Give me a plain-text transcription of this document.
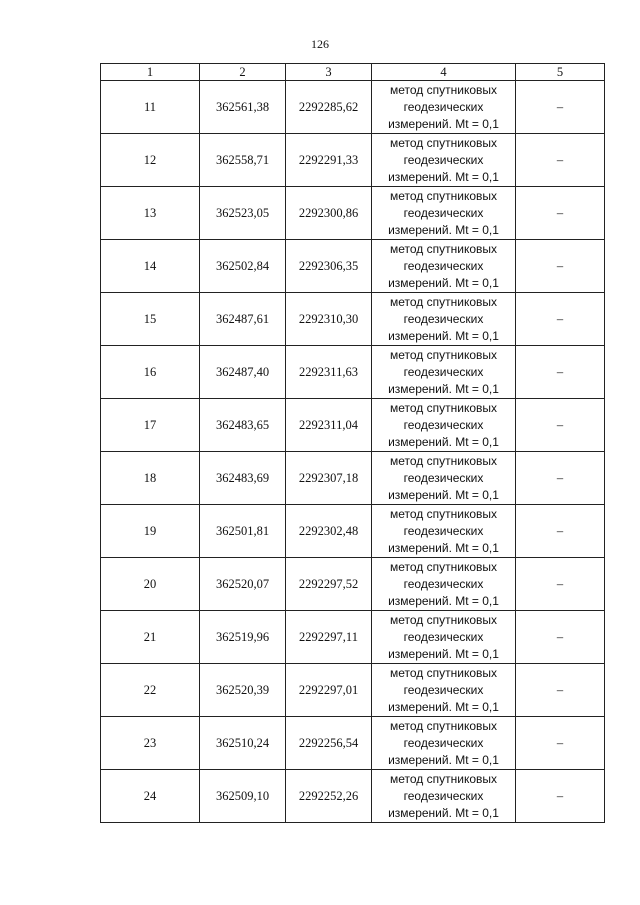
126
1	2	3	4	5
11	362561,38	2292285,62	метод спутниковых
геодезических
измерений. Mt = 0,1	–
12	362558,71	2292291,33	метод спутниковых
геодезических
измерений. Mt = 0,1	–
13	362523,05	2292300,86	метод спутниковых
геодезических
измерений. Mt = 0,1	–
14	362502,84	2292306,35	метод спутниковых
геодезических
измерений. Mt = 0,1	–
15	362487,61	2292310,30	метод спутниковых
геодезических
измерений. Mt = 0,1	–
16	362487,40	2292311,63	метод спутниковых
геодезических
измерений. Mt = 0,1	–
17	362483,65	2292311,04	метод спутниковых
геодезических
измерений. Mt = 0,1	–
18	362483,69	2292307,18	метод спутниковых
геодезических
измерений. Mt = 0,1	–
19	362501,81	2292302,48	метод спутниковых
геодезических
измерений. Mt = 0,1	–
20	362520,07	2292297,52	метод спутниковых
геодезических
измерений. Mt = 0,1	–
21	362519,96	2292297,11	метод спутниковых
геодезических
измерений. Mt = 0,1	–
22	362520,39	2292297,01	метод спутниковых
геодезических
измерений. Mt = 0,1	–
23	362510,24	2292256,54	метод спутниковых
геодезических
измерений. Mt = 0,1	–
24	362509,10	2292252,26	метод спутниковых
геодезических
измерений. Mt = 0,1	–
